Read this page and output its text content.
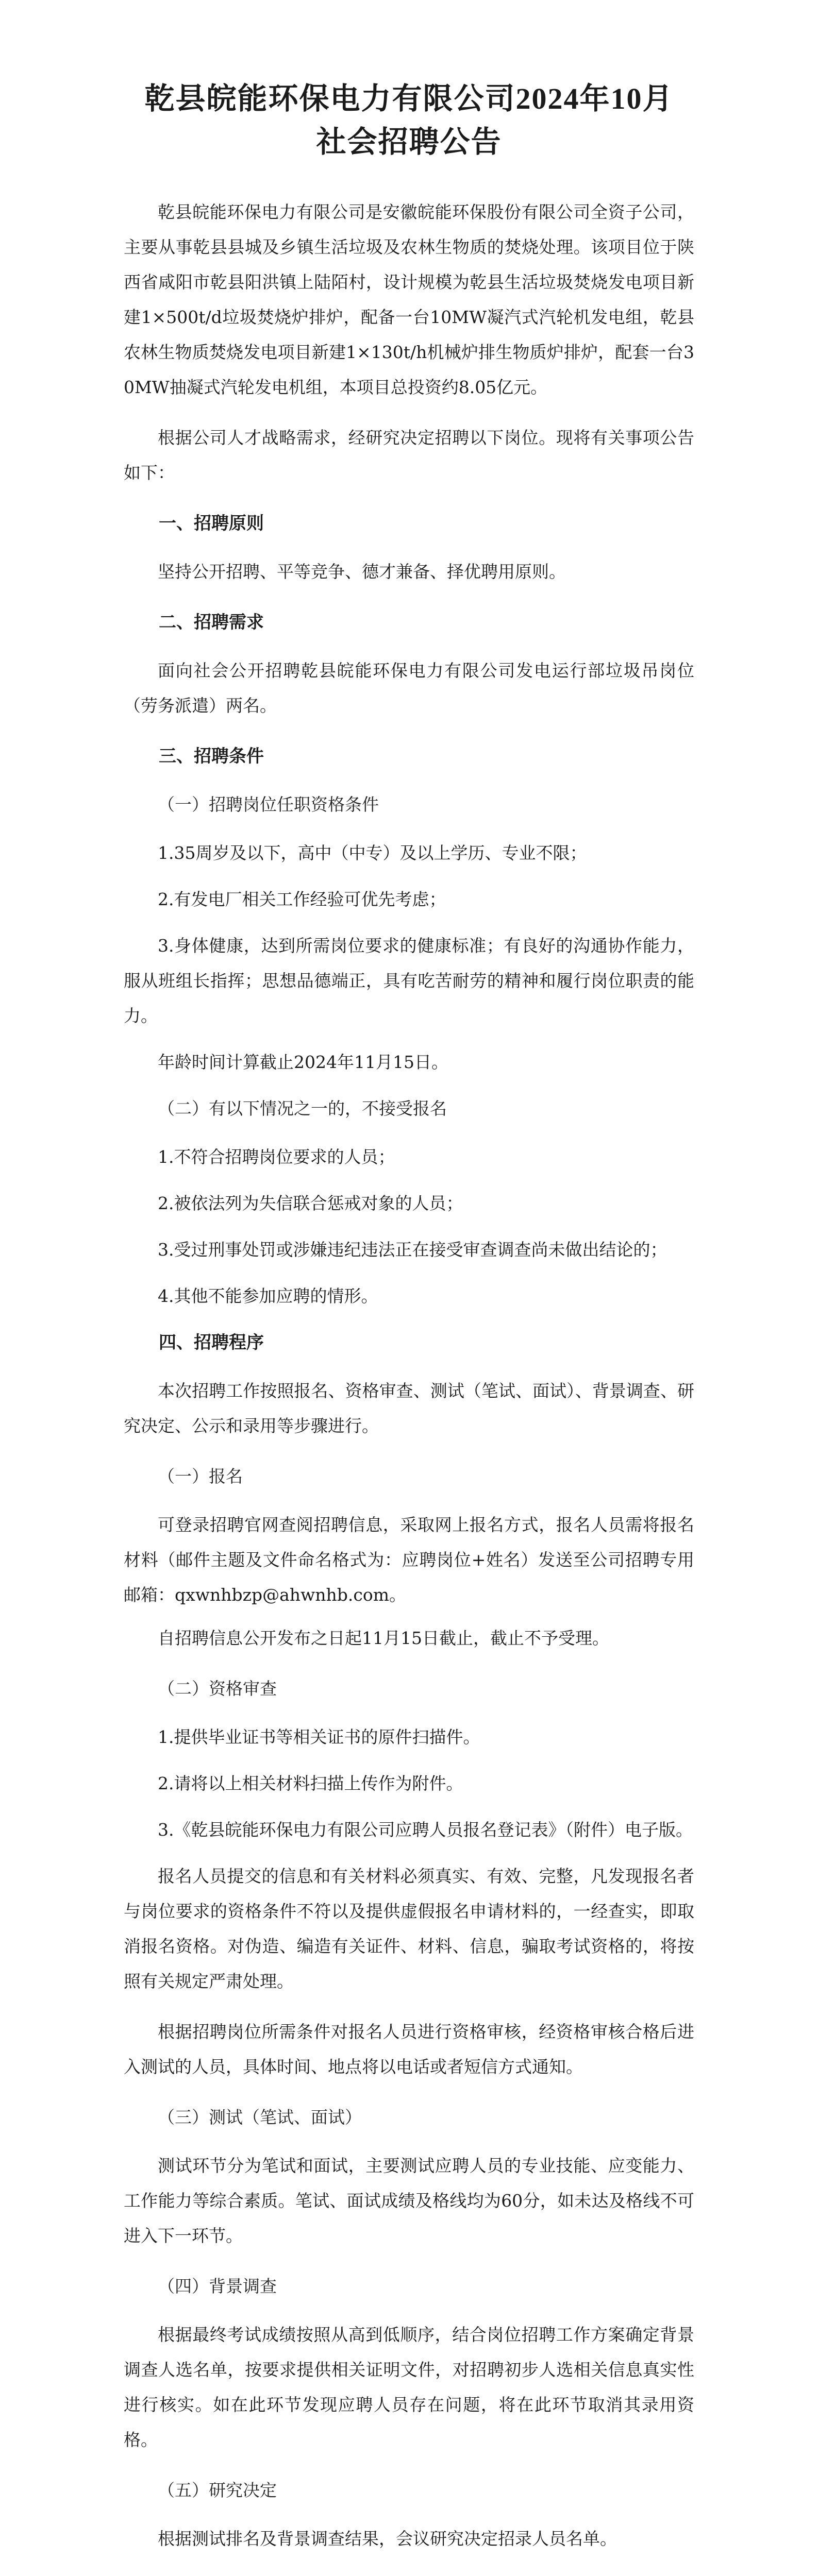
乾县皖能环保电力有限公司2024年10月
社会招聘公告

乾县皖能环保电力有限公司是安徽皖能环保股份有限公司全资子公司，主要从事乾县县城及乡镇生活垃圾及农林生物质的焚烧处理。该项目位于陕西省咸阳市乾县阳洪镇上陆陌村，设计规模为乾县生活垃圾焚烧发电项目新建1×500t/d垃圾焚烧炉排炉，配备一台10MW凝汽式汽轮机发电组，乾县农林生物质焚烧发电项目新建1×130t/h机械炉排生物质炉排炉，配套一台30MW抽凝式汽轮发电机组，本项目总投资约8.05亿元。

根据公司人才战略需求，经研究决定招聘以下岗位。现将有关事项公告如下：

一、招聘原则

坚持公开招聘、平等竞争、德才兼备、择优聘用原则。

二、招聘需求

面向社会公开招聘乾县皖能环保电力有限公司发电运行部垃圾吊岗位（劳务派遣）两名。

三、招聘条件
（一）招聘岗位任职资格条件

1.35周岁及以下，高中（中专）及以上学历、专业不限；

2.有发电厂相关工作经验可优先考虑；

3.身体健康，达到所需岗位要求的健康标准；有良好的沟通协作能力，服从班组长指挥；思想品德端正，具有吃苦耐劳的精神和履行岗位职责的能力。

年龄时间计算截止2024年11月15日。

（二）有以下情况之一的，不接受报名

1.不符合招聘岗位要求的人员；

2.被依法列为失信联合惩戒对象的人员；

3.受过刑事处罚或涉嫌违纪违法正在接受审查调查尚未做出结论的；

4.其他不能参加应聘的情形。

四、招聘程序

本次招聘工作按照报名、资格审查、测试（笔试、面试）、背景调查、研究决定、公示和录用等步骤进行。

（一）报名

可登录招聘官网查阅招聘信息，采取网上报名方式，报名人员需将报名材料（邮件主题及文件命名格式为：应聘岗位+姓名）发送至公司招聘专用邮箱：qxwnhbzp@ahwnhb.com。

自招聘信息公开发布之日起11月15日截止，截止不予受理。

（二）资格审查

1.提供毕业证书等相关证书的原件扫描件。

2.请将以上相关材料扫描上传作为附件。

3.《乾县皖能环保电力有限公司应聘人员报名登记表》（附件）电子版。

报名人员提交的信息和有关材料必须真实、有效、完整，凡发现报名者与岗位要求的资格条件不符以及提供虚假报名申请材料的，一经查实，即取消报名资格。对伪造、编造有关证件、材料、信息，骗取考试资格的，将按照有关规定严肃处理。

根据招聘岗位所需条件对报名人员进行资格审核，经资格审核合格后进入测试的人员，具体时间、地点将以电话或者短信方式通知。

（三）测试（笔试、面试）

测试环节分为笔试和面试，主要测试应聘人员的专业技能、应变能力、工作能力等综合素质。笔试、面试成绩及格线均为60分，如未达及格线不可进入下一环节。

（四）背景调查

根据最终考试成绩按照从高到低顺序，结合岗位招聘工作方案确定背景调查人选名单，按要求提供相关证明文件，对招聘初步人选相关信息真实性进行核实。如在此环节发现应聘人员存在问题，将在此环节取消其录用资格。

（五）研究决定

根据测试排名及背景调查结果，会议研究决定招录人员名单。
